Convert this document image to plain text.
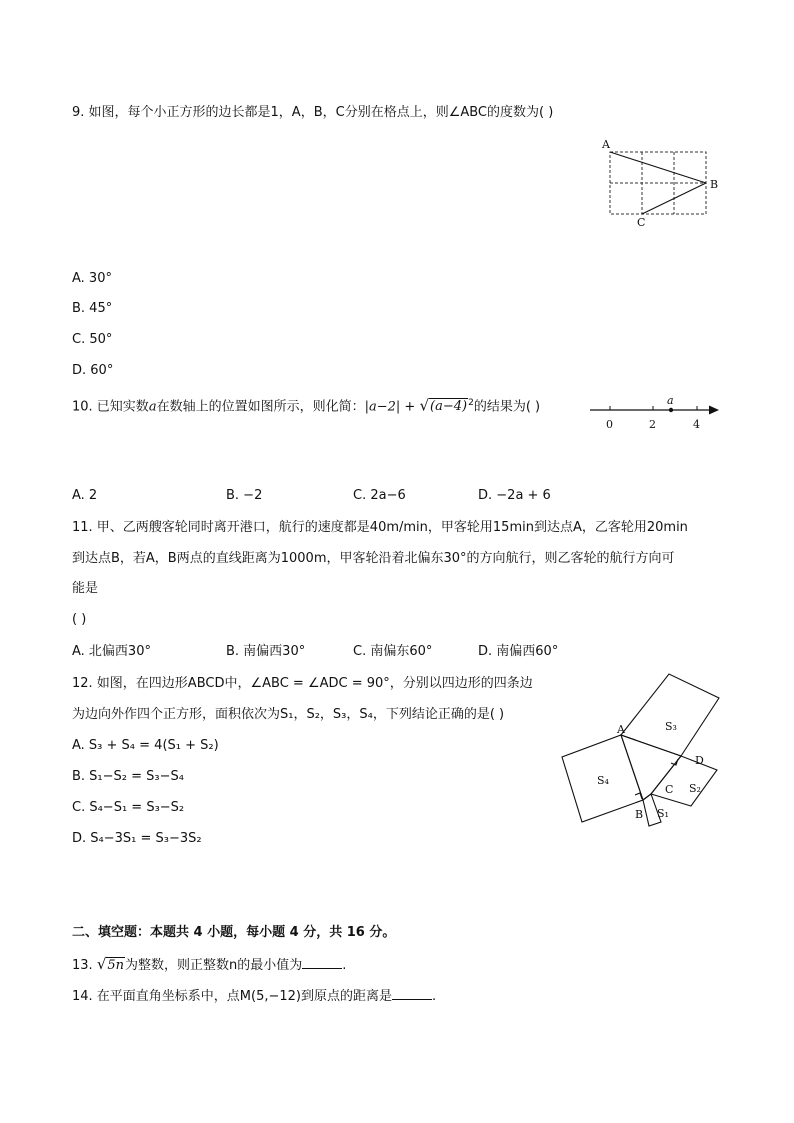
9. 如图，每个小正方形的边长都是1，A，B，C分别在格点上，则∠ABC的度数为( )
A
B
C
A. 30°
B. 45°
C. 50°
D. 60°
10. 已知实数a在数轴上的位置如图所示，则化简：$|a-2| + √(a-4)^2$的结果为( )	a
0	2	4
A. 2	B. −2	C. 2a−6	D. −2a + 6
11. 甲、乙两艘客轮同时离开港口，航行的速度都是40m/min，甲客轮用15min到达点A，乙客轮用20min
到达点B，若A，B两点的直线距离为1000m，甲客轮沿着北偏东30°的方向航行，则乙客轮的航行方向可
能是
( )
A. 北偏西30°	B. 南偏西30°	C. 南偏东60°	D. 南偏西60°
12. 如图，在四边形ABCD中，∠ABC = ∠ADC = 90°，分别以四边形的四条边
为边向外作四个正方形，面积依次为S₁，S₂，S₃，S₄，下列结论正确的是( )
A. S₃ + S₄ = 4(S₁ + S₂)
B. S₁−S₂ = S₃−S₄
C. S₄−S₁ = S₃−S₂
D. S₄−3S₁ = S₃−3S₂
A
B
C
D
S₃
S₄
S₂
S₁
二、填空题：本题共 4 小题，每小题 4 分，共 16 分。
13. √5n为整数，则正整数n的最小值为	.
14. 在平面直角坐标系中，点M(5,−12)到原点的距离是	.
